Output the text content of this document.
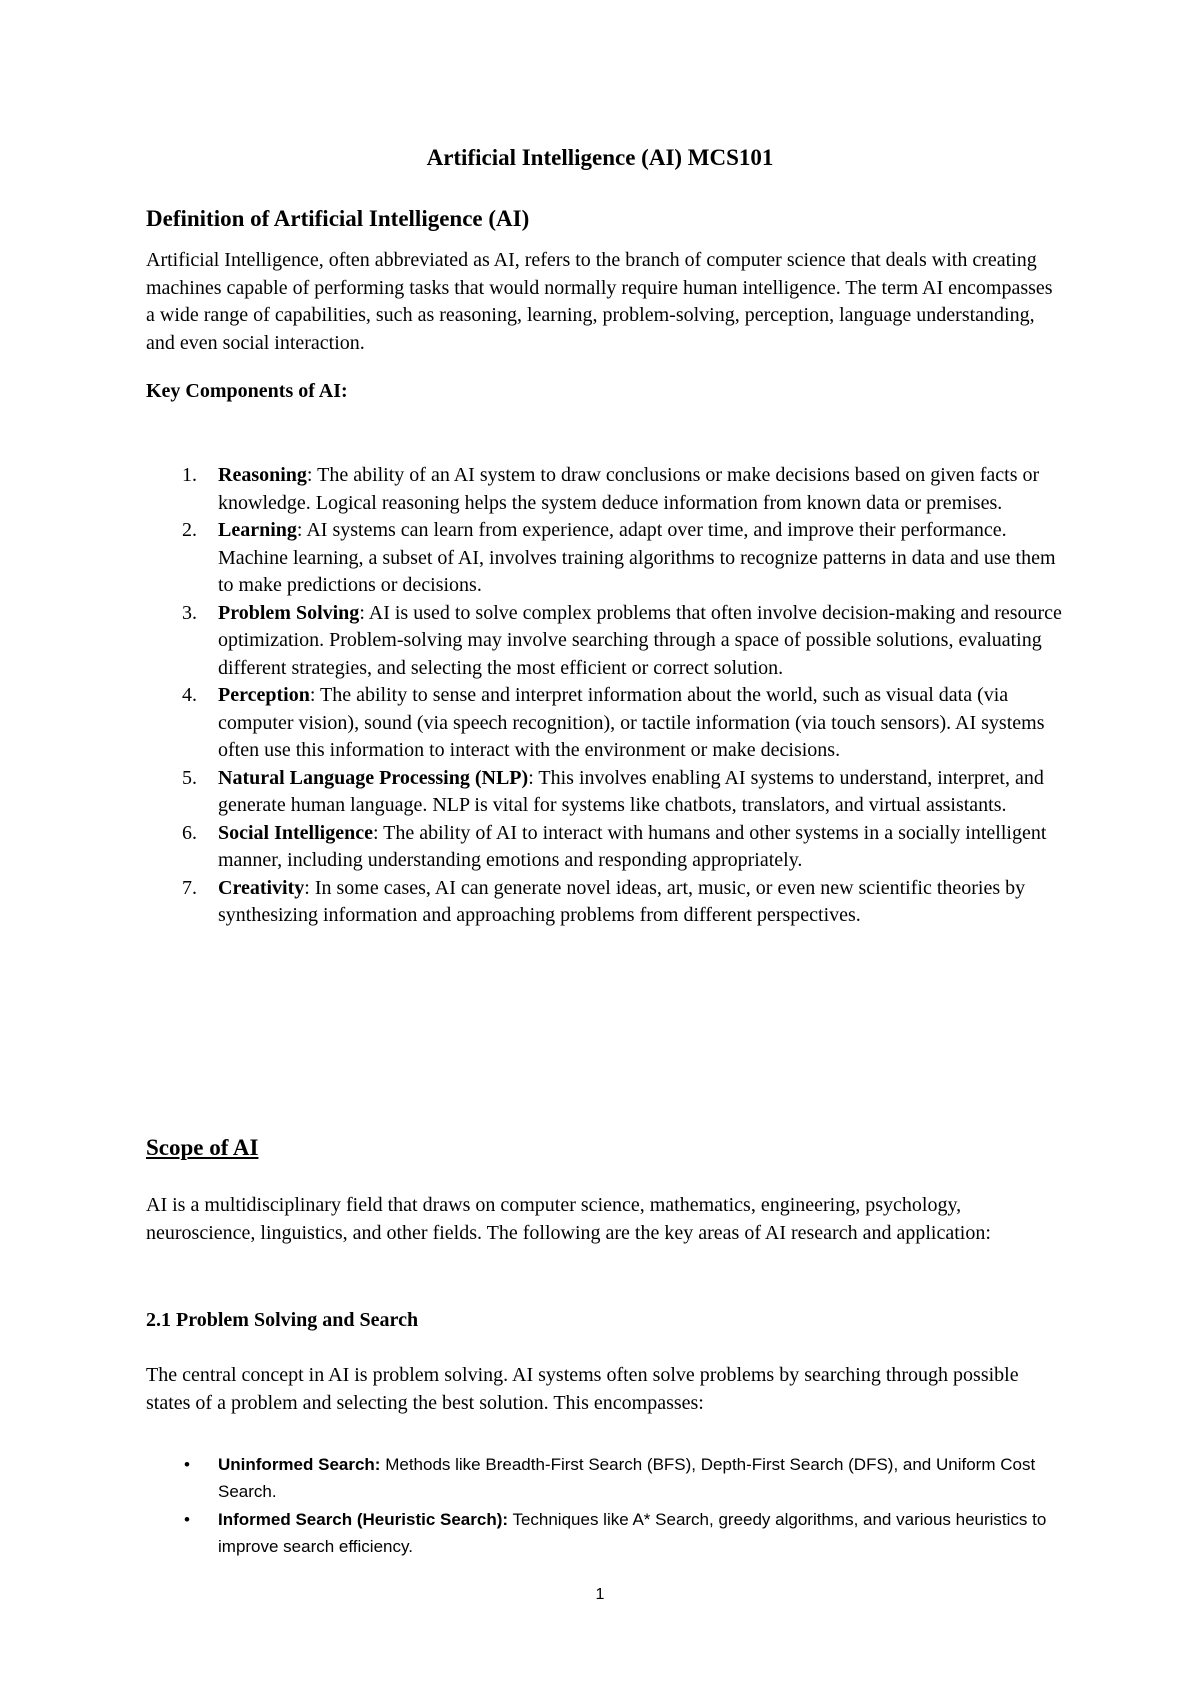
Artificial Intelligence (AI) MCS101
Definition of Artificial Intelligence (AI)

Artificial Intelligence, often abbreviated as AI, refers to the branch of computer science that deals with creating machines capable of performing tasks that would normally require human intelligence. The term AI encompasses a wide range of capabilities, such as reasoning, learning, problem-solving, perception, language understanding, and even social interaction.

Key Components of AI:
1. Reasoning: The ability of an AI system to draw conclusions or make decisions based on given facts or knowledge. Logical reasoning helps the system deduce information from known data or premises.
2. Learning: AI systems can learn from experience, adapt over time, and improve their performance. Machine learning, a subset of AI, involves training algorithms to recognize patterns in data and use them to make predictions or decisions.
3. Problem Solving: AI is used to solve complex problems that often involve decision-making and resource optimization. Problem-solving may involve searching through a space of possible solutions, evaluating different strategies, and selecting the most efficient or correct solution.
4. Perception: The ability to sense and interpret information about the world, such as visual data (via computer vision), sound (via speech recognition), or tactile information (via touch sensors). AI systems often use this information to interact with the environment or make decisions.
5. Natural Language Processing (NLP): This involves enabling AI systems to understand, interpret, and generate human language. NLP is vital for systems like chatbots, translators, and virtual assistants.
6. Social Intelligence: The ability of AI to interact with humans and other systems in a socially intelligent manner, including understanding emotions and responding appropriately.
7. Creativity: In some cases, AI can generate novel ideas, art, music, or even new scientific theories by synthesizing information and approaching problems from different perspectives.
Scope of AI

AI is a multidisciplinary field that draws on computer science, mathematics, engineering, psychology, neuroscience, linguistics, and other fields. The following are the key areas of AI research and application:

2.1 Problem Solving and Search

The central concept in AI is problem solving. AI systems often solve problems by searching through possible states of a problem and selecting the best solution. This encompasses:

• Uninformed Search: Methods like Breadth-First Search (BFS), Depth-First Search (DFS), and Uniform Cost Search.
• Informed Search (Heuristic Search): Techniques like A* Search, greedy algorithms, and various heuristics to improve search efficiency.
1
